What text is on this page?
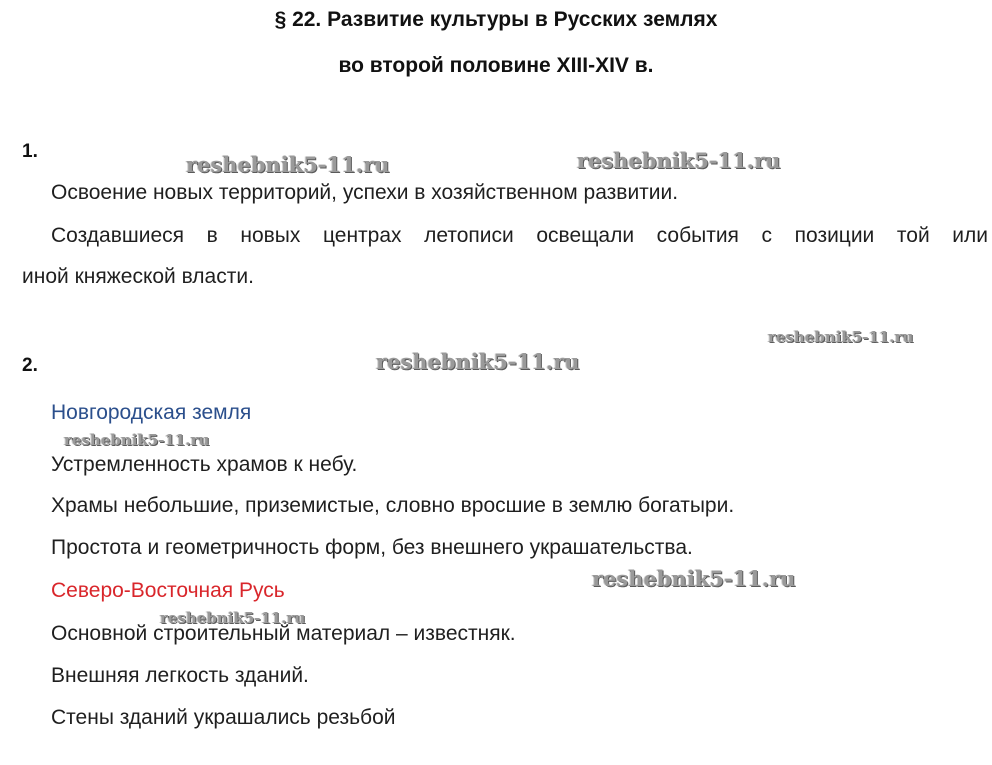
§ 22. Развитие культуры в Русских землях
во второй половине XIII-XIV в.
1.
Освоение новых территорий, успехи в хозяйственном развитии.
Создавшиеся в новых центрах летописи освещали события с позиции той или
иной княжеской власти.
2.
Новгородская земля
Устремленность храмов к небу.
Храмы небольшие, приземистые, словно вросшие в землю богатыри.
Простота и геометричность форм, без внешнего украшательства.
Северо-Восточная Русь
Основной строительный материал – известняк.
Внешняя легкость зданий.
Стены зданий украшались резьбой
reshebnik5-11.ru	reshebnik5-11.ru
reshebnik5-11.ru
reshebnik5-11.ru
reshebnik5-11.ru
reshebnik5-11.ru
reshebnik5-11.ru
